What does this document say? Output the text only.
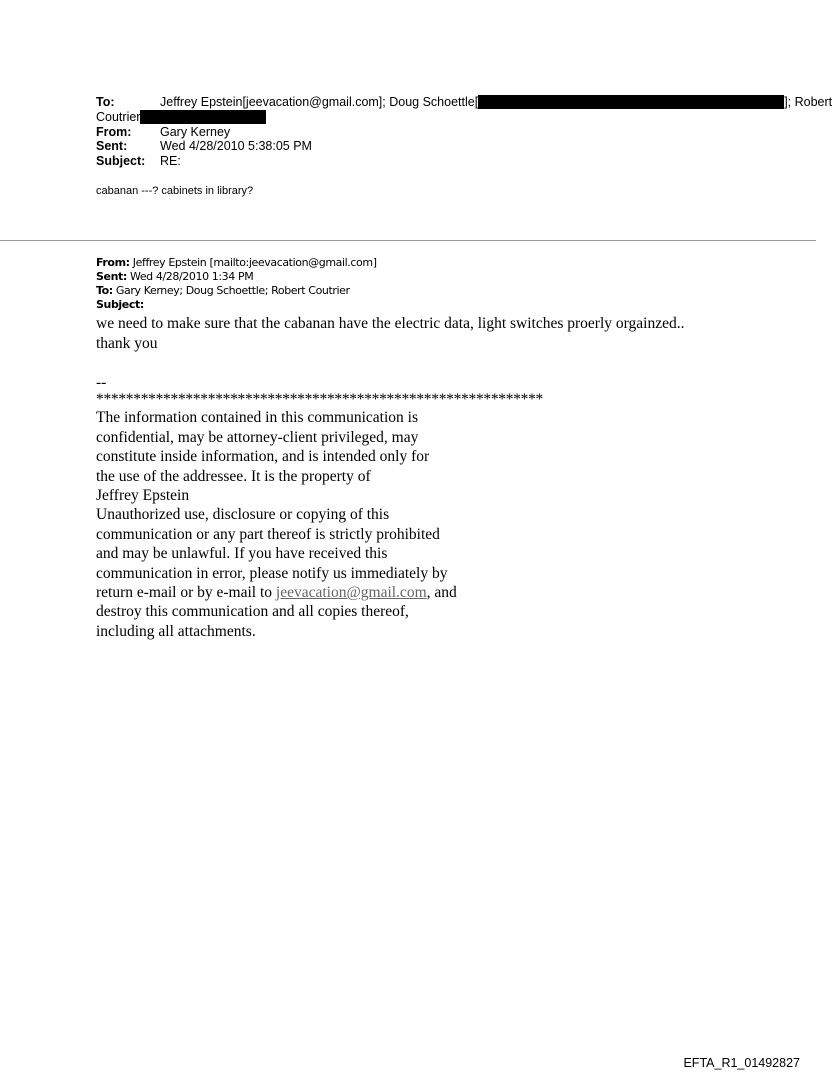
To:	Jeffrey Epstein[jeevacation@gmail.com]; Doug Schoettle[	]; Robert
Coutrier
From: Gary Kerney
Sent:	Wed 4/28/2010 5:38:05 PM
Subject: RE:
cabanan ---? cabinets in library?
From: Jeffrey Epstein [mailto:jeevacation@gmail.com]
Sent: Wed 4/28/2010 1:34 PM
To: Gary Kerney; Doug Schoettle; Robert Coutrier
Subject:
we need to make sure that the cabanan have the electric data, light switches proerly orgainzed..
thank you
--
************************************************************
The information contained in this communication is
confidential, may be attorney-client privileged, may
constitute inside information, and is intended only for
the use of the addressee. It is the property of
Jeffrey Epstein
Unauthorized use, disclosure or copying of this
communication or any part thereof is strictly prohibited
and may be unlawful. If you have received this
communication in error, please notify us immediately by
return e-mail or by e-mail to jeevacation@gmail.com, and
destroy this communication and all copies thereof,
including all attachments.
EFTA_R1_01492827
